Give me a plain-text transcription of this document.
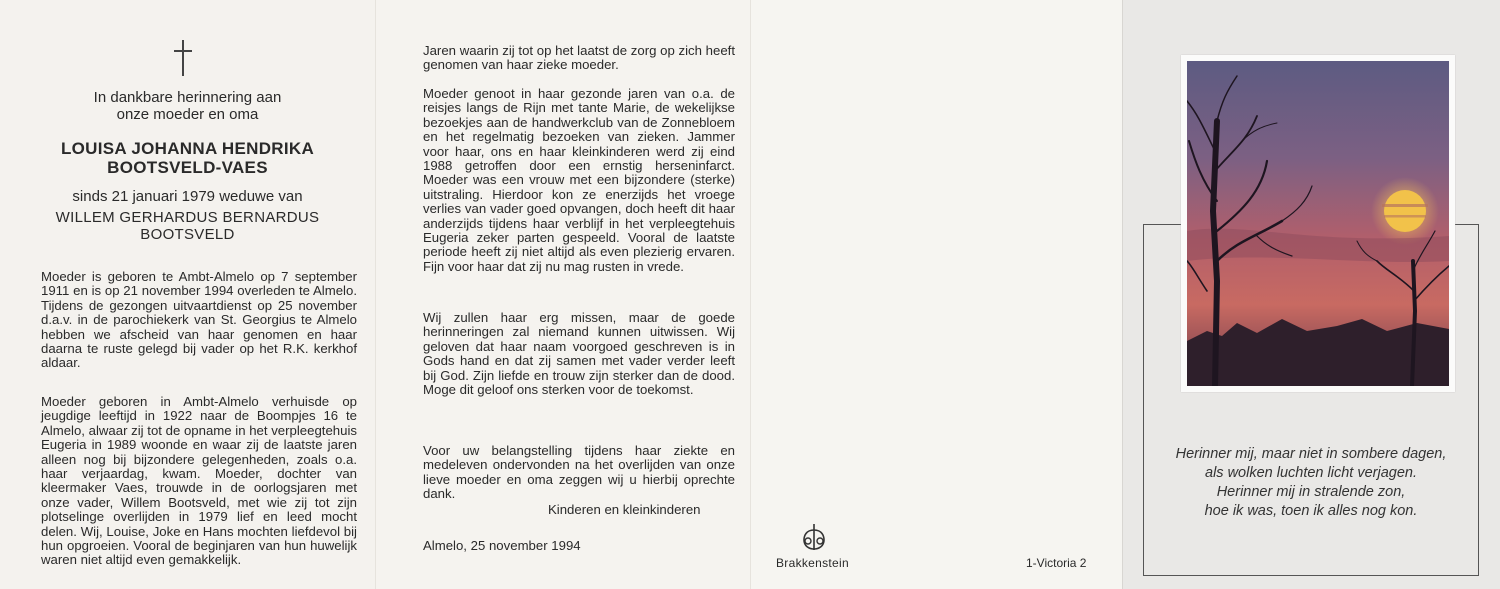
In dankbare herinnering aan
onze moeder en oma
LOUISA JOHANNA HENDRIKA
BOOTSVELD-VAES
sinds 21 januari 1979 weduwe van
WILLEM GERHARDUS BERNARDUS
BOOTSVELD

Moeder is geboren te Ambt-Almelo op 7 september 1911 en is op 21 november 1994 overleden te Almelo. Tijdens de gezongen uitvaartdienst op 25 november d.a.v. in de parochiekerk van St. Georgius te Almelo hebben we afscheid van haar genomen en haar daarna te ruste gelegd bij vader op het R.K. kerkhof aldaar.

Moeder geboren in Ambt-Almelo verhuisde op jeugdige leeftijd in 1922 naar de Boompjes 16 te Almelo, alwaar zij tot de opname in het verpleegtehuis Eugeria in 1989 woonde en waar zij de laatste jaren alleen nog bij bijzondere gelegenheden, zoals o.a. haar verjaardag, kwam. Moeder, dochter van kleermaker Vaes, trouwde in de oorlogsjaren met onze vader, Willem Bootsveld, met wie zij tot zijn plotselinge overlijden in 1979 lief en leed mocht delen. Wij, Louise, Joke en Hans mochten liefdevol bij hun opgroeien. Vooral de beginjaren van hun huwelijk waren niet altijd even gemakkelijk.

Jaren waarin zij tot op het laatst de zorg op zich heeft genomen van haar zieke moeder.

Moeder genoot in haar gezonde jaren van o.a. de reisjes langs de Rijn met tante Marie, de wekelijkse bezoekjes aan de handwerkclub van de Zonnebloem en het regelmatig bezoeken van zieken. Jammer voor haar, ons en haar kleinkinderen werd zij eind 1988 getroffen door een ernstig herseninfarct. Moeder was een vrouw met een bijzondere (sterke) uitstraling. Hierdoor kon ze enerzijds het vroege verlies van vader goed opvangen, doch heeft dit haar anderzijds tijdens haar verblijf in het verpleegtehuis Eugeria zeker parten gespeeld. Vooral de laatste periode heeft zij niet altijd als even plezierig ervaren. Fijn voor haar dat zij nu mag rusten in vrede.

Wij zullen haar erg missen, maar de goede herinneringen zal niemand kunnen uitwissen. Wij geloven dat haar naam voorgoed geschreven is in Gods hand en dat zij samen met vader verder leeft bij God. Zijn liefde en trouw zijn sterker dan de dood. Moge dit geloof ons sterken voor de toekomst.

Voor uw belangstelling tijdens haar ziekte en medeleven ondervonden na het overlijden van onze lieve moeder en oma zeggen wij u hierbij oprechte dank.

Kinderen en kleinkinderen
Almelo, 25 november 1994
Brakkenstein	1-Victoria 2
Herinner mij, maar niet in sombere dagen,
als wolken luchten licht verjagen.
Herinner mij in stralende zon,
hoe ik was, toen ik alles nog kon.
